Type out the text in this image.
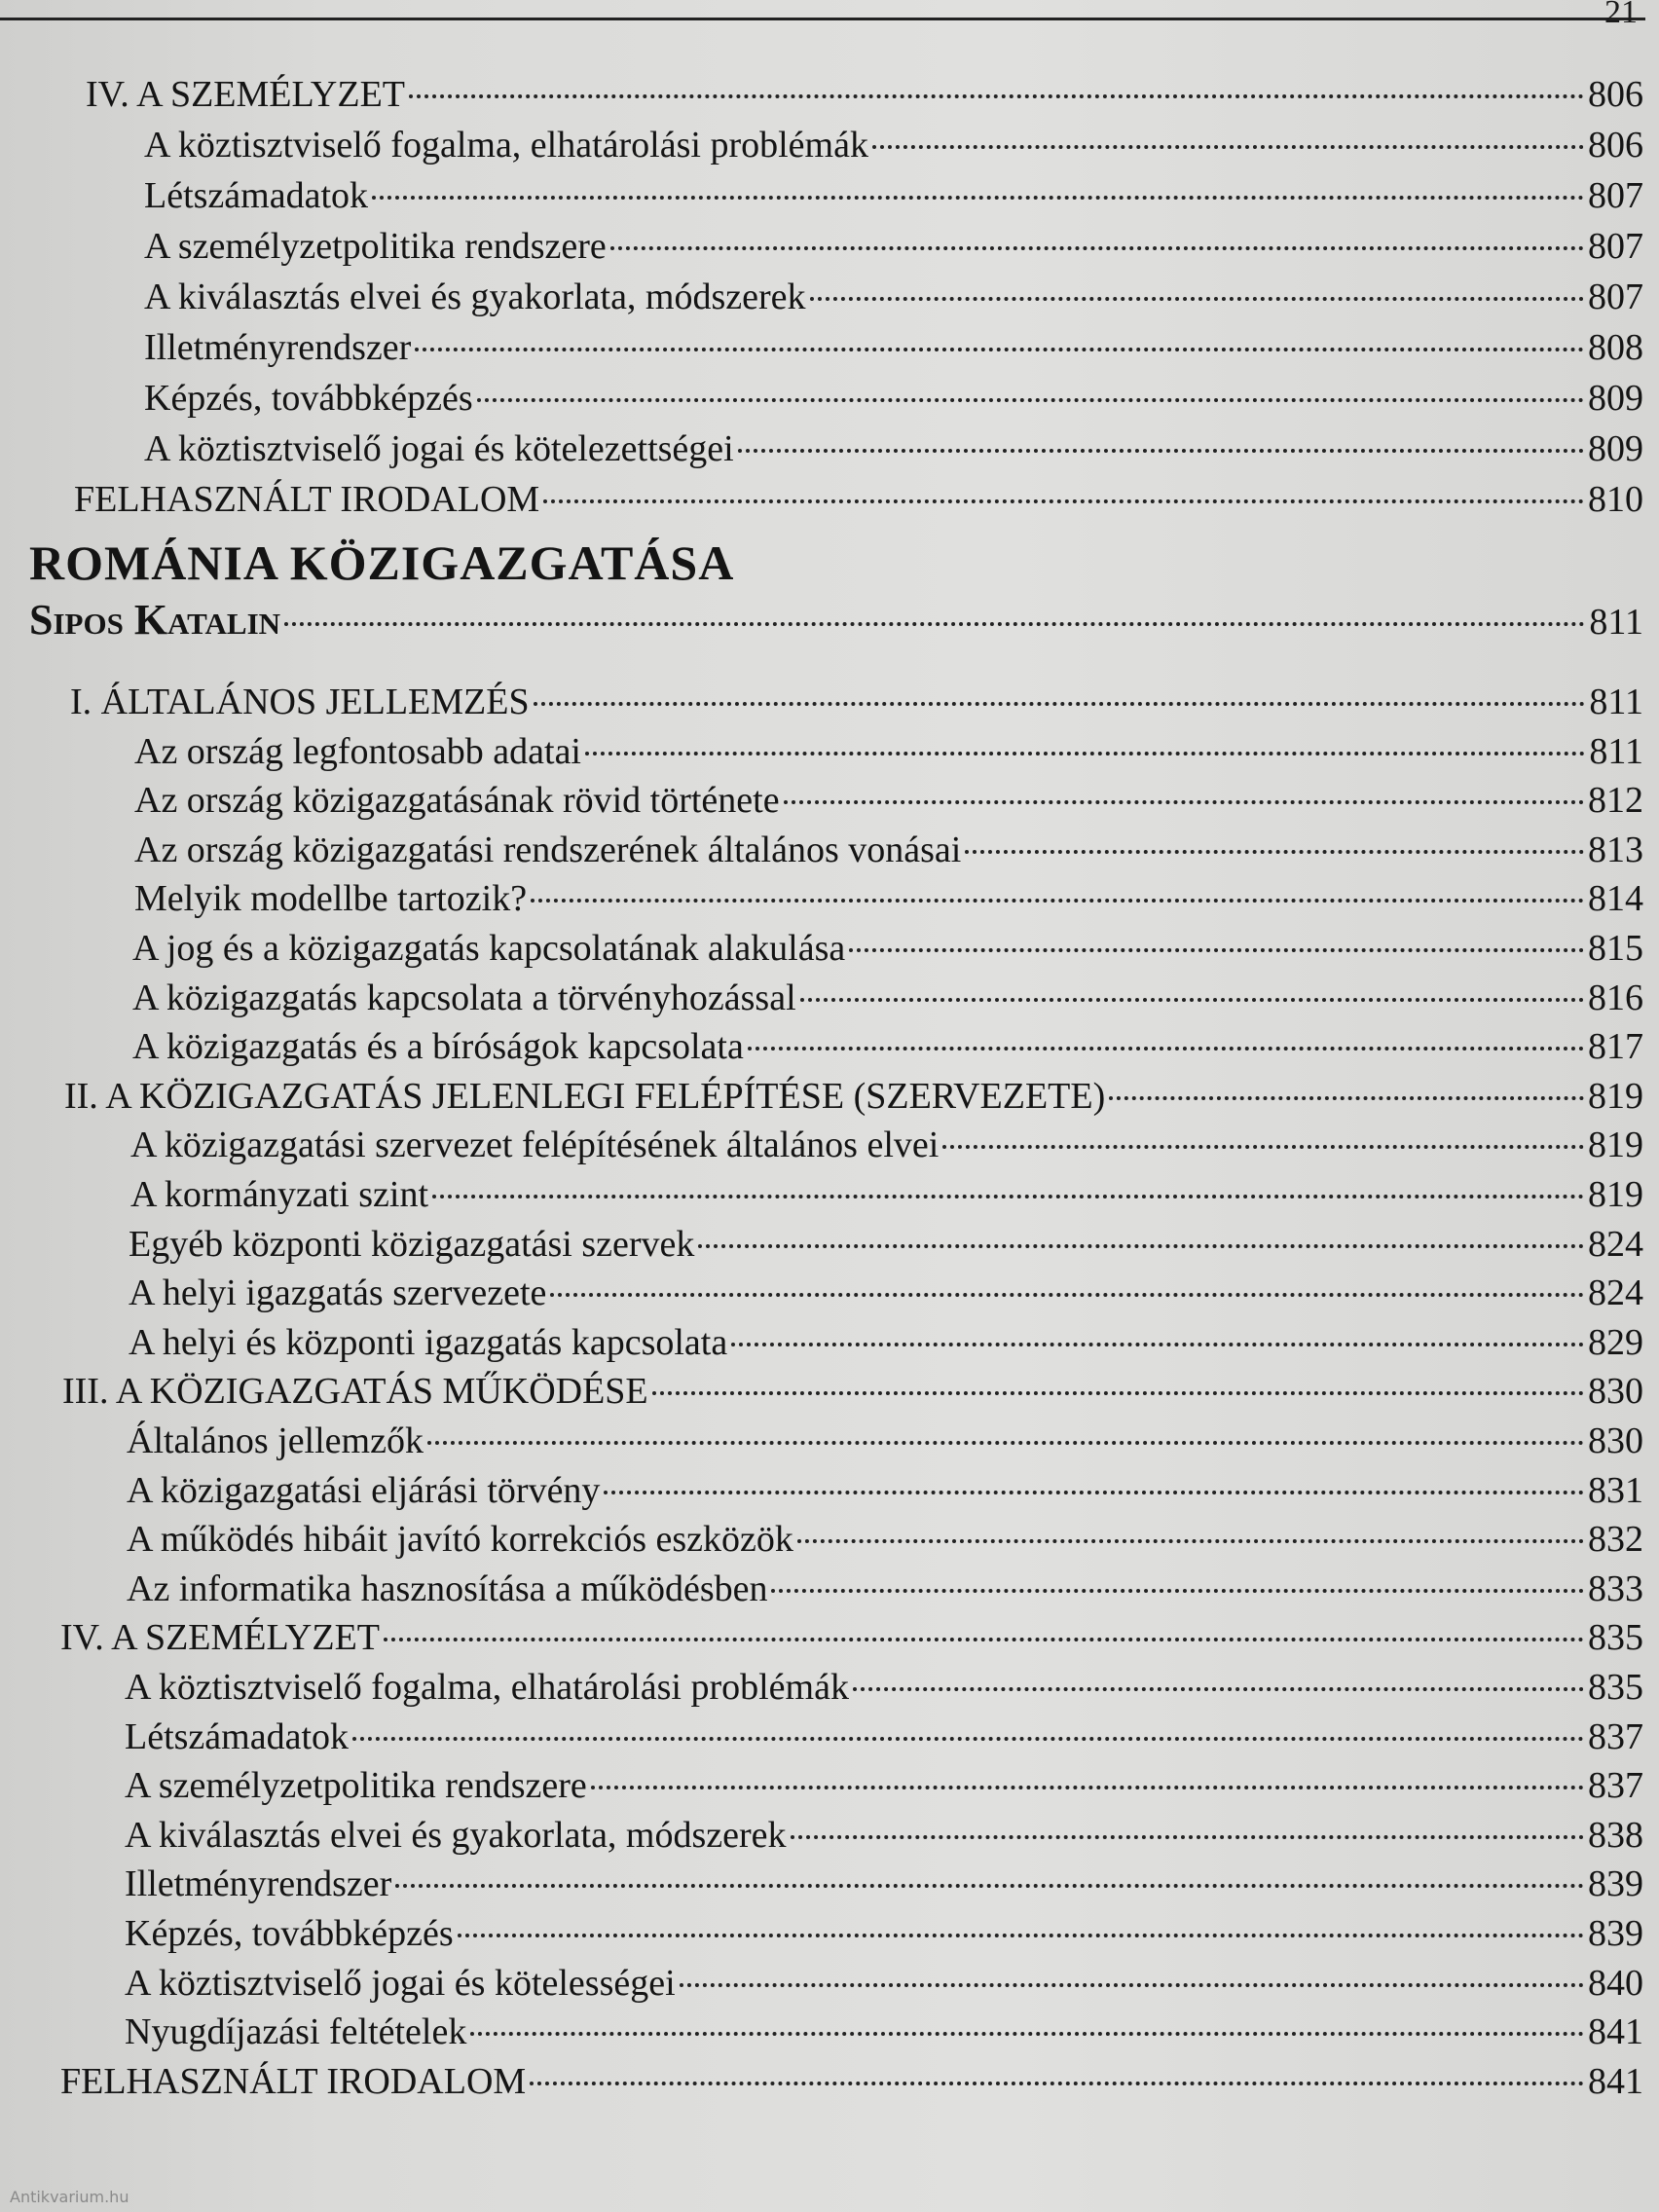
21
IV. A SZEMÉLYZET	806
A köztisztviselő fogalma, elhatárolási problémák	806
Létszámadatok	807
A személyzetpolitika rendszere	807
A kiválasztás elvei és gyakorlata, módszerek	807
Illetményrendszer	808
Képzés, továbbképzés	809
A köztisztviselő jogai és kötelezettségei	809
FELHASZNÁLT IRODALOM	810
ROMÁNIA KÖZIGAZGATÁSA
Sipos Katalin	811
I. ÁLTALÁNOS JELLEMZÉS	811
Az ország legfontosabb adatai	811
Az ország közigazgatásának rövid története	812
Az ország közigazgatási rendszerének általános vonásai	813
Melyik modellbe tartozik?	814
A jog és a közigazgatás kapcsolatának alakulása	815
A közigazgatás kapcsolata a törvényhozással	816
A közigazgatás és a bíróságok kapcsolata	817
II. A KÖZIGAZGATÁS JELENLEGI FELÉPÍTÉSE (SZERVEZETE)	819
A közigazgatási szervezet felépítésének általános elvei	819
A kormányzati szint	819
Egyéb központi közigazgatási szervek	824
A helyi igazgatás szervezete	824
A helyi és központi igazgatás kapcsolata	829
III. A KÖZIGAZGATÁS MŰKÖDÉSE	830
Általános jellemzők	830
A közigazgatási eljárási törvény	831
A működés hibáit javító korrekciós eszközök	832
Az informatika hasznosítása a működésben	833
IV. A SZEMÉLYZET	835
A köztisztviselő fogalma, elhatárolási problémák	835
Létszámadatok	837
A személyzetpolitika rendszere	837
A kiválasztás elvei és gyakorlata, módszerek	838
Illetményrendszer	839
Képzés, továbbképzés	839
A köztisztviselő jogai és kötelességei	840
Nyugdíjazási feltételek	841
FELHASZNÁLT IRODALOM	841
Antikvarium.hu
